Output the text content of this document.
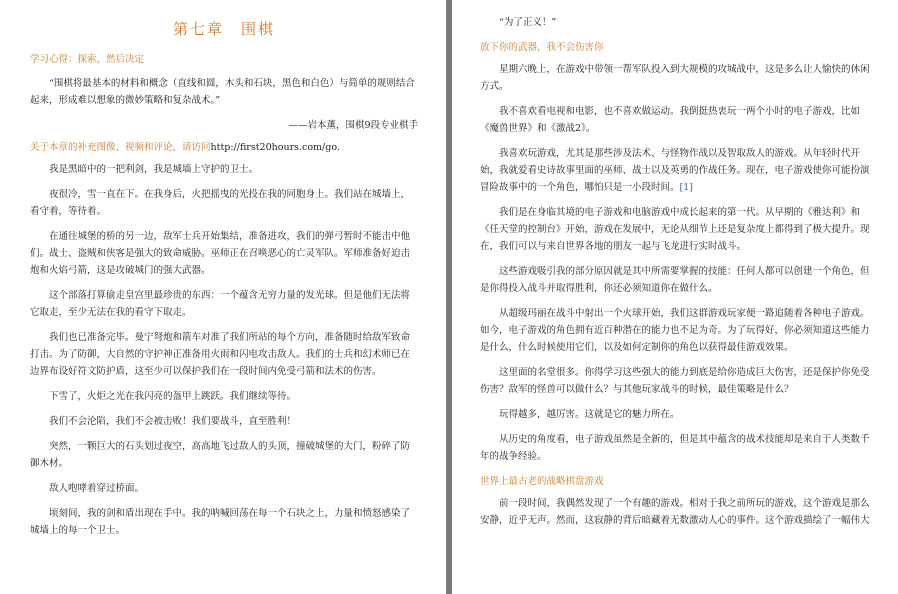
第七章　围棋
学习心得：探索，然后决定

“围棋将最基本的材料和概念（直线和圆，木头和石块，黑色和白色）与简单的规则结合起来，形成难以想象的微妙策略和复杂战术。”

——岩本薰，围棋9段专业棋手
关于本章的补充图像、视频和评论，请访问http://first20hours.com/go.

我是黑暗中的一把利剑，我是城墙上守护的卫士。

夜很冷，雪一直在下。在我身后，火把摇曳的光投在我的同胞身上。我们站在城墙上，看守着，等待着。

在通往城堡的桥的另一边，敌军士兵开始集结，准备进攻，我们的弹弓暂时不能击中他们。战士、盗贼和侠客是强大的致命威胁。巫师正在召唤恶心的亡灵军队。军师准备好迫击炮和火焰弓箭，这是攻破城门的强大武器。

这个部落打算偷走皇宫里最珍贵的东西：一个蕴含无穷力量的发光球。但是他们无法将它取走，至少无法在我的看守下取走。

我们也已准备完毕。曼宁弩炮和箭车对准了我们所站的每个方向，准备随时给敌军致命打击。为了防御，大自然的守护神正准备用火雨和闪电攻击敌人。我们的士兵和幻术师已在边界布设好符文防护盾，这至少可以保护我们在一段时间内免受弓箭和法术的伤害。

下雪了，火炬之光在我闪亮的盔甲上跳跃。我们继续等待。

我们不会沦陷，我们不会被击败！我们要战斗，直至胜利！

突然，一颗巨大的石头划过夜空，高高地飞过敌人的头顶，撞破城堡的大门，粉碎了防御木材。

敌人咆哮着穿过桥面。

顷刻间，我的剑和盾出现在手中。我的呐喊回荡在每一个石块之上，力量和愤怒感染了城墙上的每一个卫士。

“为了正义！”

放下你的武器，我不会伤害你

星期六晚上，在游戏中带领一帮军队投入到大规模的攻城战中，这是多么让人愉快的休闲方式。

我不喜欢看电视和电影，也不喜欢做运动。我倒挺热衷玩一两个小时的电子游戏，比如《魔兽世界》和《激战2》。

我喜欢玩游戏，尤其是那些涉及法术、与怪物作战以及智取敌人的游戏。从年轻时代开始，我就爱看史诗故事里面的巫师、战士以及英勇的作战任务。现在，电子游戏使你可能扮演冒险故事中的一个角色，哪怕只是一小段时间。[1]

我们是在身临其境的电子游戏和电脑游戏中成长起来的第一代。从早期的《雅达利》和《任天堂的控制台》开始，游戏在发展中，无论从细节上还是复杂度上都得到了极大提升。现在，我们可以与来自世界各地的朋友一起与飞龙进行实时战斗。

这些游戏吸引我的部分原因就是其中所需要掌握的技能：任何人都可以创建一个角色，但是你得投入战斗并取得胜利，你还必须知道你在做什么。

从超级玛丽在战斗中射出一个火球开始，我们这群游戏玩家便一路追随着各种电子游戏。如今，电子游戏的角色拥有近百种潜在的能力也不足为奇。为了玩得好，你必须知道这些能力是什么，什么时候使用它们，以及如何定制你的角色以获得最佳游戏效果。

这里面的名堂很多。你得学习这些强大的能力到底是给你造成巨大伤害，还是保护你免受伤害？敌军的怪兽可以做什么？与其他玩家战斗的时候，最佳策略是什么？

玩得越多，越厉害。这就是它的魅力所在。

从历史的角度看，电子游戏虽然是全新的，但是其中蕴含的战术技能却是来自于人类数千年的战争经验。

世界上最古老的战略棋盘游戏

前一段时间，我偶然发现了一个有趣的游戏。相对于我之前所玩的游戏，这个游戏是那么安静，近乎无声。然而，这寂静的背后暗藏着无数激动人心的事件。这个游戏描绘了一幅伟大
